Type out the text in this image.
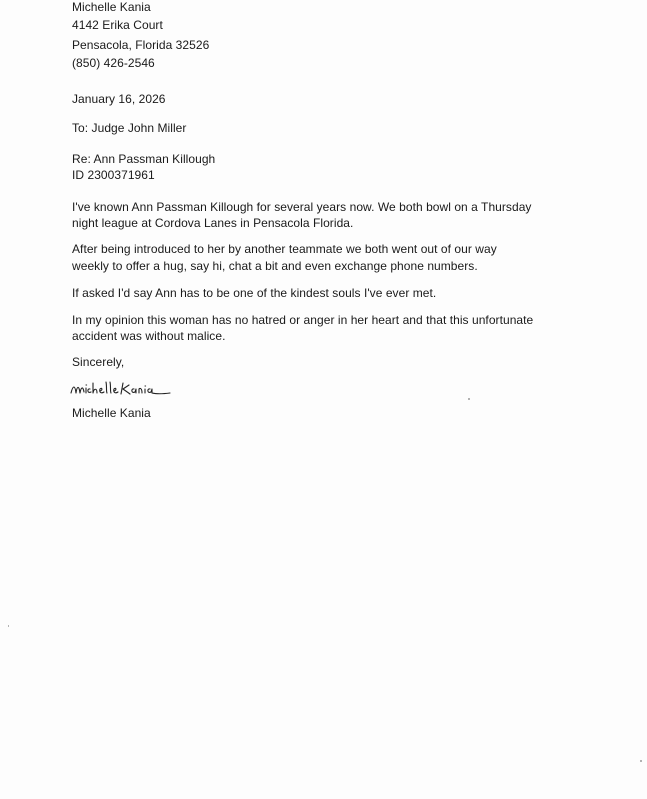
Michelle Kania
4142 Erika Court
Pensacola, Florida 32526
(850) 426-2546
January 16, 2026
To: Judge John Miller
Re: Ann Passman Killough
ID 2300371961
I've known Ann Passman Killough for several years now. We both bowl on a Thursday
night league at Cordova Lanes in Pensacola Florida.
After being introduced to her by another teammate we both went out of our way
weekly to offer a hug, say hi, chat a bit and even exchange phone numbers.
If asked I'd say Ann has to be one of the kindest souls I've ever met.
In my opinion this woman has no hatred or anger in her heart and that this unfortunate
accident was without malice.
Sincerely,
Michelle Kania
